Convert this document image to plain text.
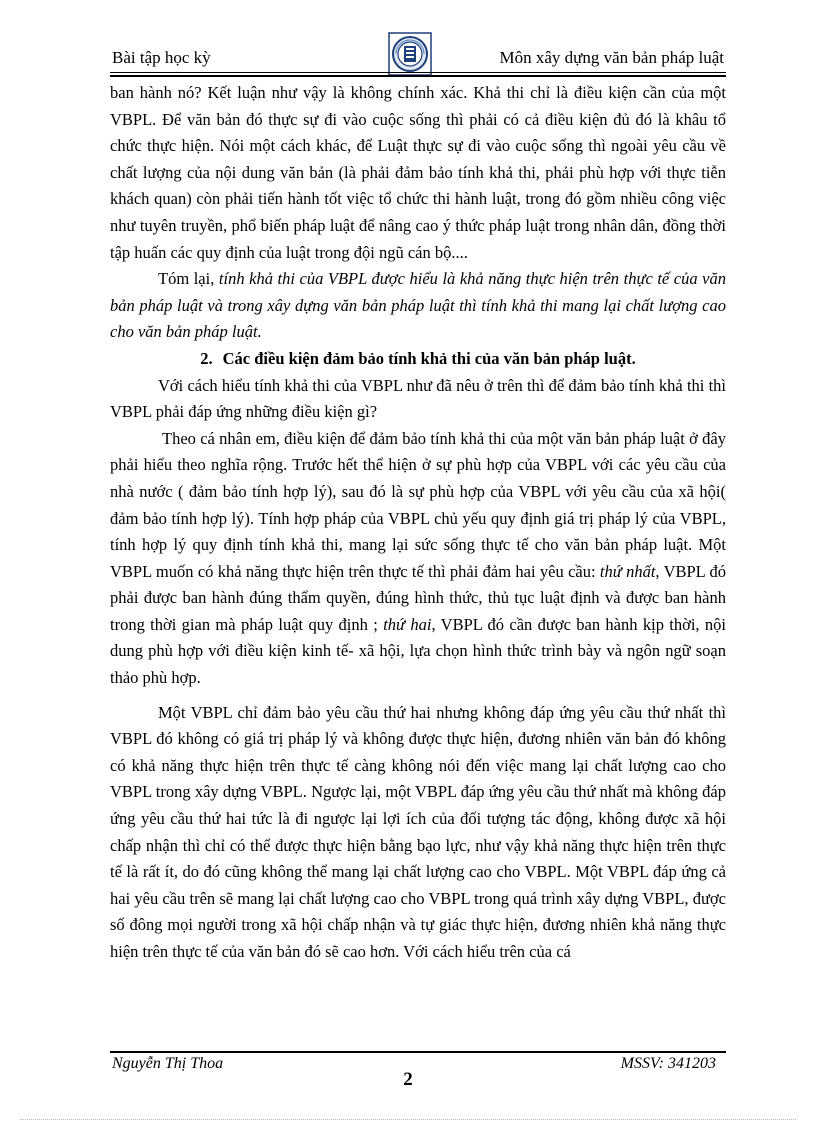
Bài tập học kỳ	Môn xây dựng văn bản pháp luật

ban hành nó? Kết luận như vậy là không chính xác. Khả thi chỉ là điều kiện cần của một VBPL. Để văn bản đó thực sự đi vào cuộc sống thì phải có cả điều kiện đủ đó là khâu tổ chức thực hiện. Nói một cách khác, để Luật thực sự đi vào cuộc sống thì ngoài yêu cầu về chất lượng của nội dung văn bản (là phải đảm bảo tính khả thi, phải phù hợp với thực tiễn khách quan) còn phải tiến hành tốt việc tổ chức thi hành luật, trong đó gồm nhiều công việc như tuyên truyền, phổ biến pháp luật để nâng cao ý thức pháp luật trong nhân dân, đồng thời tập huấn các quy định của luật trong đội ngũ cán bộ....

Tóm lại, tính khả thi của VBPL được hiểu là khả năng thực hiện trên thực tế của văn bản pháp luật và trong xây dựng văn bản pháp luật thì tính khả thi mang lại chất lượng cao cho văn bản pháp luật.

2. Các điều kiện đảm bảo tính khả thi của văn bản pháp luật.

Với cách hiểu tính khả thi của VBPL như đã nêu ở trên thì để đảm bảo tính khả thi thì VBPL phải đáp ứng những điều kiện gì?

Theo cá nhân em, điều kiện để đảm bảo tính khả thi của một văn bản pháp luật ở đây phải hiểu theo nghĩa rộng. Trước hết thể hiện ở sự phù hợp của VBPL với các yêu cầu của nhà nước ( đảm bảo tính hợp lý), sau đó là sự phù hợp của VBPL với yêu cầu của xã hội( đảm bảo tính hợp lý). Tính hợp pháp của VBPL chủ yếu quy định giá trị pháp lý của VBPL, tính hợp lý quy định tính khả thi, mang lại sức sống thực tế cho văn bản pháp luật. Một VBPL muốn có khả năng thực hiện trên thực tế thì phải đảm hai yêu cầu: thứ nhất, VBPL đó phải được ban hành đúng thẩm quyền, đúng hình thức, thủ tục luật định và được ban hành trong thời gian mà pháp luật quy định ; thứ hai, VBPL đó cần được ban hành kịp thời, nội dung phù hợp với điều kiện kinh tế- xã hội, lựa chọn hình thức trình bày và ngôn ngữ soạn thảo phù hợp.

Một VBPL chỉ đảm bảo yêu cầu thứ hai nhưng không đáp ứng yêu cầu thứ nhất thì VBPL đó không có giá trị pháp lý và không được thực hiện, đương nhiên văn bản đó không có khả năng thực hiện trên thực tế càng không nói đến việc mang lại chất lượng cao cho VBPL trong xây dựng VBPL. Ngược lại, một VBPL đáp ứng yêu cầu thứ nhất mà không đáp ứng yêu cầu thứ hai tức là đi ngược lại lợi ích của đối tượng tác động, không được xã hội chấp nhận thì chỉ có thể được thực hiện bằng bạo lực, như vậy khả năng thực hiện trên thực tế là rất ít, do đó cũng không thể mang lại chất lượng cao cho VBPL. Một VBPL đáp ứng cả hai yêu cầu trên sẽ mang lại chất lượng cao cho VBPL trong quá trình xây dựng VBPL, được số đông mọi người trong xã hội chấp nhận và tự giác thực hiện, đương nhiên khả năng thực hiện trên thực tế của văn bản đó sẽ cao hơn. Với cách hiểu trên của cá

Nguyễn Thị Thoa	MSSV: 341203
2
